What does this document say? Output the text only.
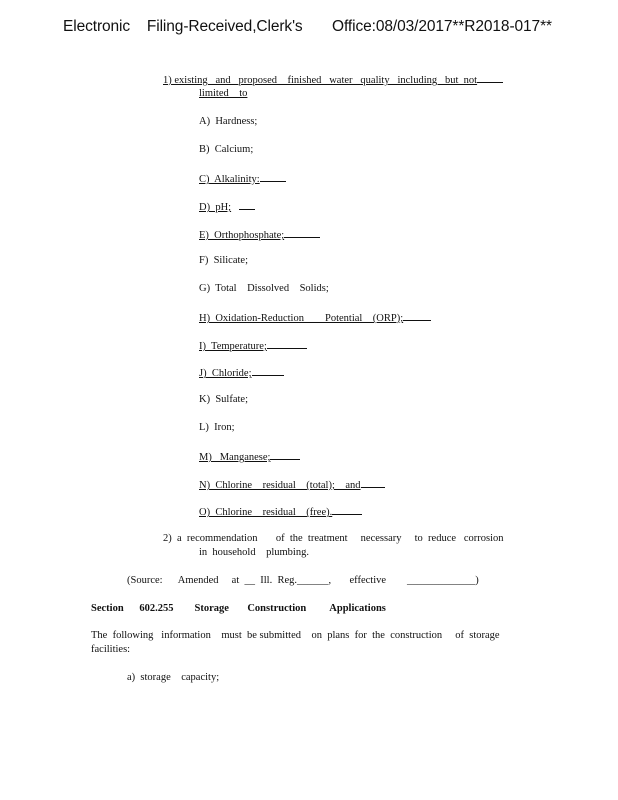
Electronic    Filing-Received,Clerk's       Office:08/03/2017**R2018-017**
1) existing   and   proposed    finished   water   quality   including   but  not
limited    to
A)  Hardness;
B)  Calcium;
C)  Alkalinity:
D)  pH;
E)  Orthophosphate;
F)  Silicate;
G)  Total    Dissolved    Solids;
H)  Oxidation-Reduction        Potential    (ORP);
I)  Temperature;
J)  Chloride;
K)  Sulfate;
L)  Iron;
M)   Manganese;
N)  Chlorine    residual    (total);    and
O)  Chlorine    residual    (free).
2)  a  recommendation       of  the  treatment     necessary     to  reduce   corrosion
in  household    plumbing.
(Source:      Amended     at  __  Ill.  Reg.______,       effective        _____________)
Section      602.255        Storage       Construction         Applications
The  following   information    must  be submitted    on  plans  for  the  construction     of  storage
facilities:
a)  storage    capacity;
